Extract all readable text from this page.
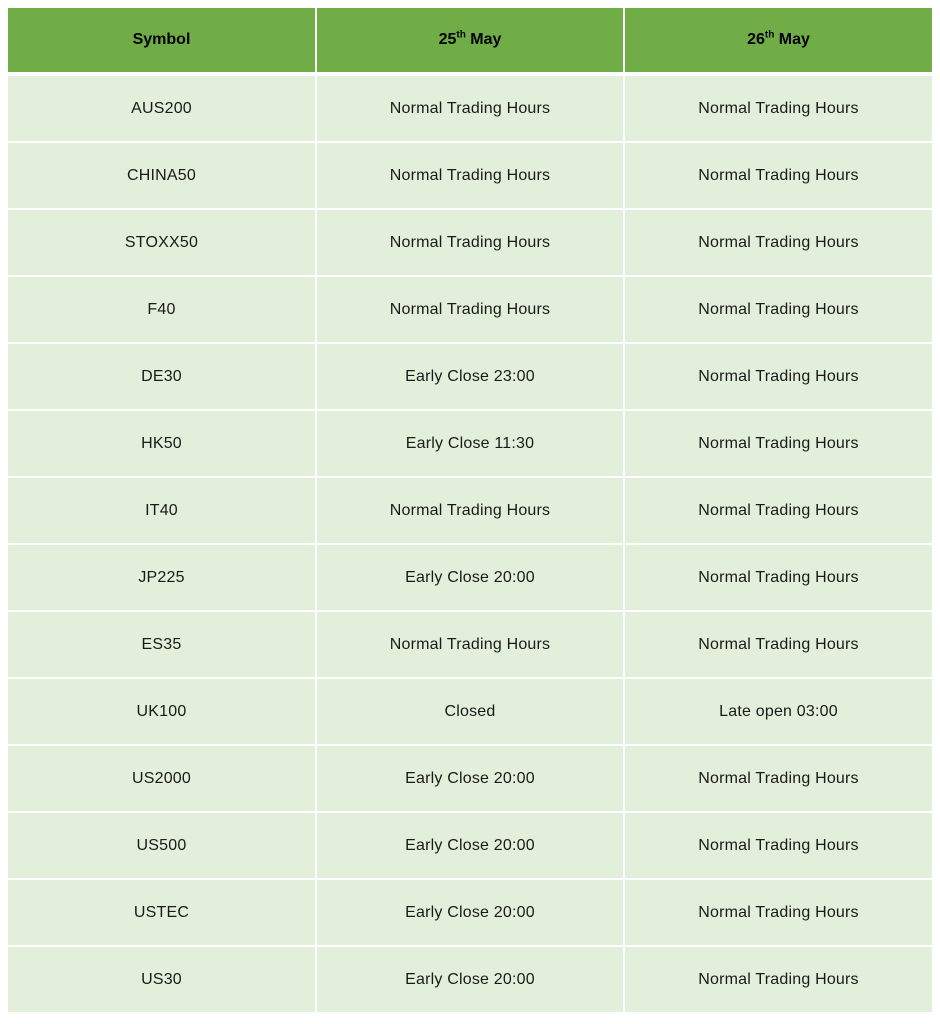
Symbol	25th May	26th May
AUS200	Normal Trading Hours	Normal Trading Hours
CHINA50	Normal Trading Hours	Normal Trading Hours
STOXX50	Normal Trading Hours	Normal Trading Hours
F40	Normal Trading Hours	Normal Trading Hours
DE30	Early Close 23:00	Normal Trading Hours
HK50	Early Close 11:30	Normal Trading Hours
IT40	Normal Trading Hours	Normal Trading Hours
JP225	Early Close 20:00	Normal Trading Hours
ES35	Normal Trading Hours	Normal Trading Hours
UK100	Closed	Late open 03:00
US2000	Early Close 20:00	Normal Trading Hours
US500	Early Close 20:00	Normal Trading Hours
USTEC	Early Close 20:00	Normal Trading Hours
US30	Early Close 20:00	Normal Trading Hours
